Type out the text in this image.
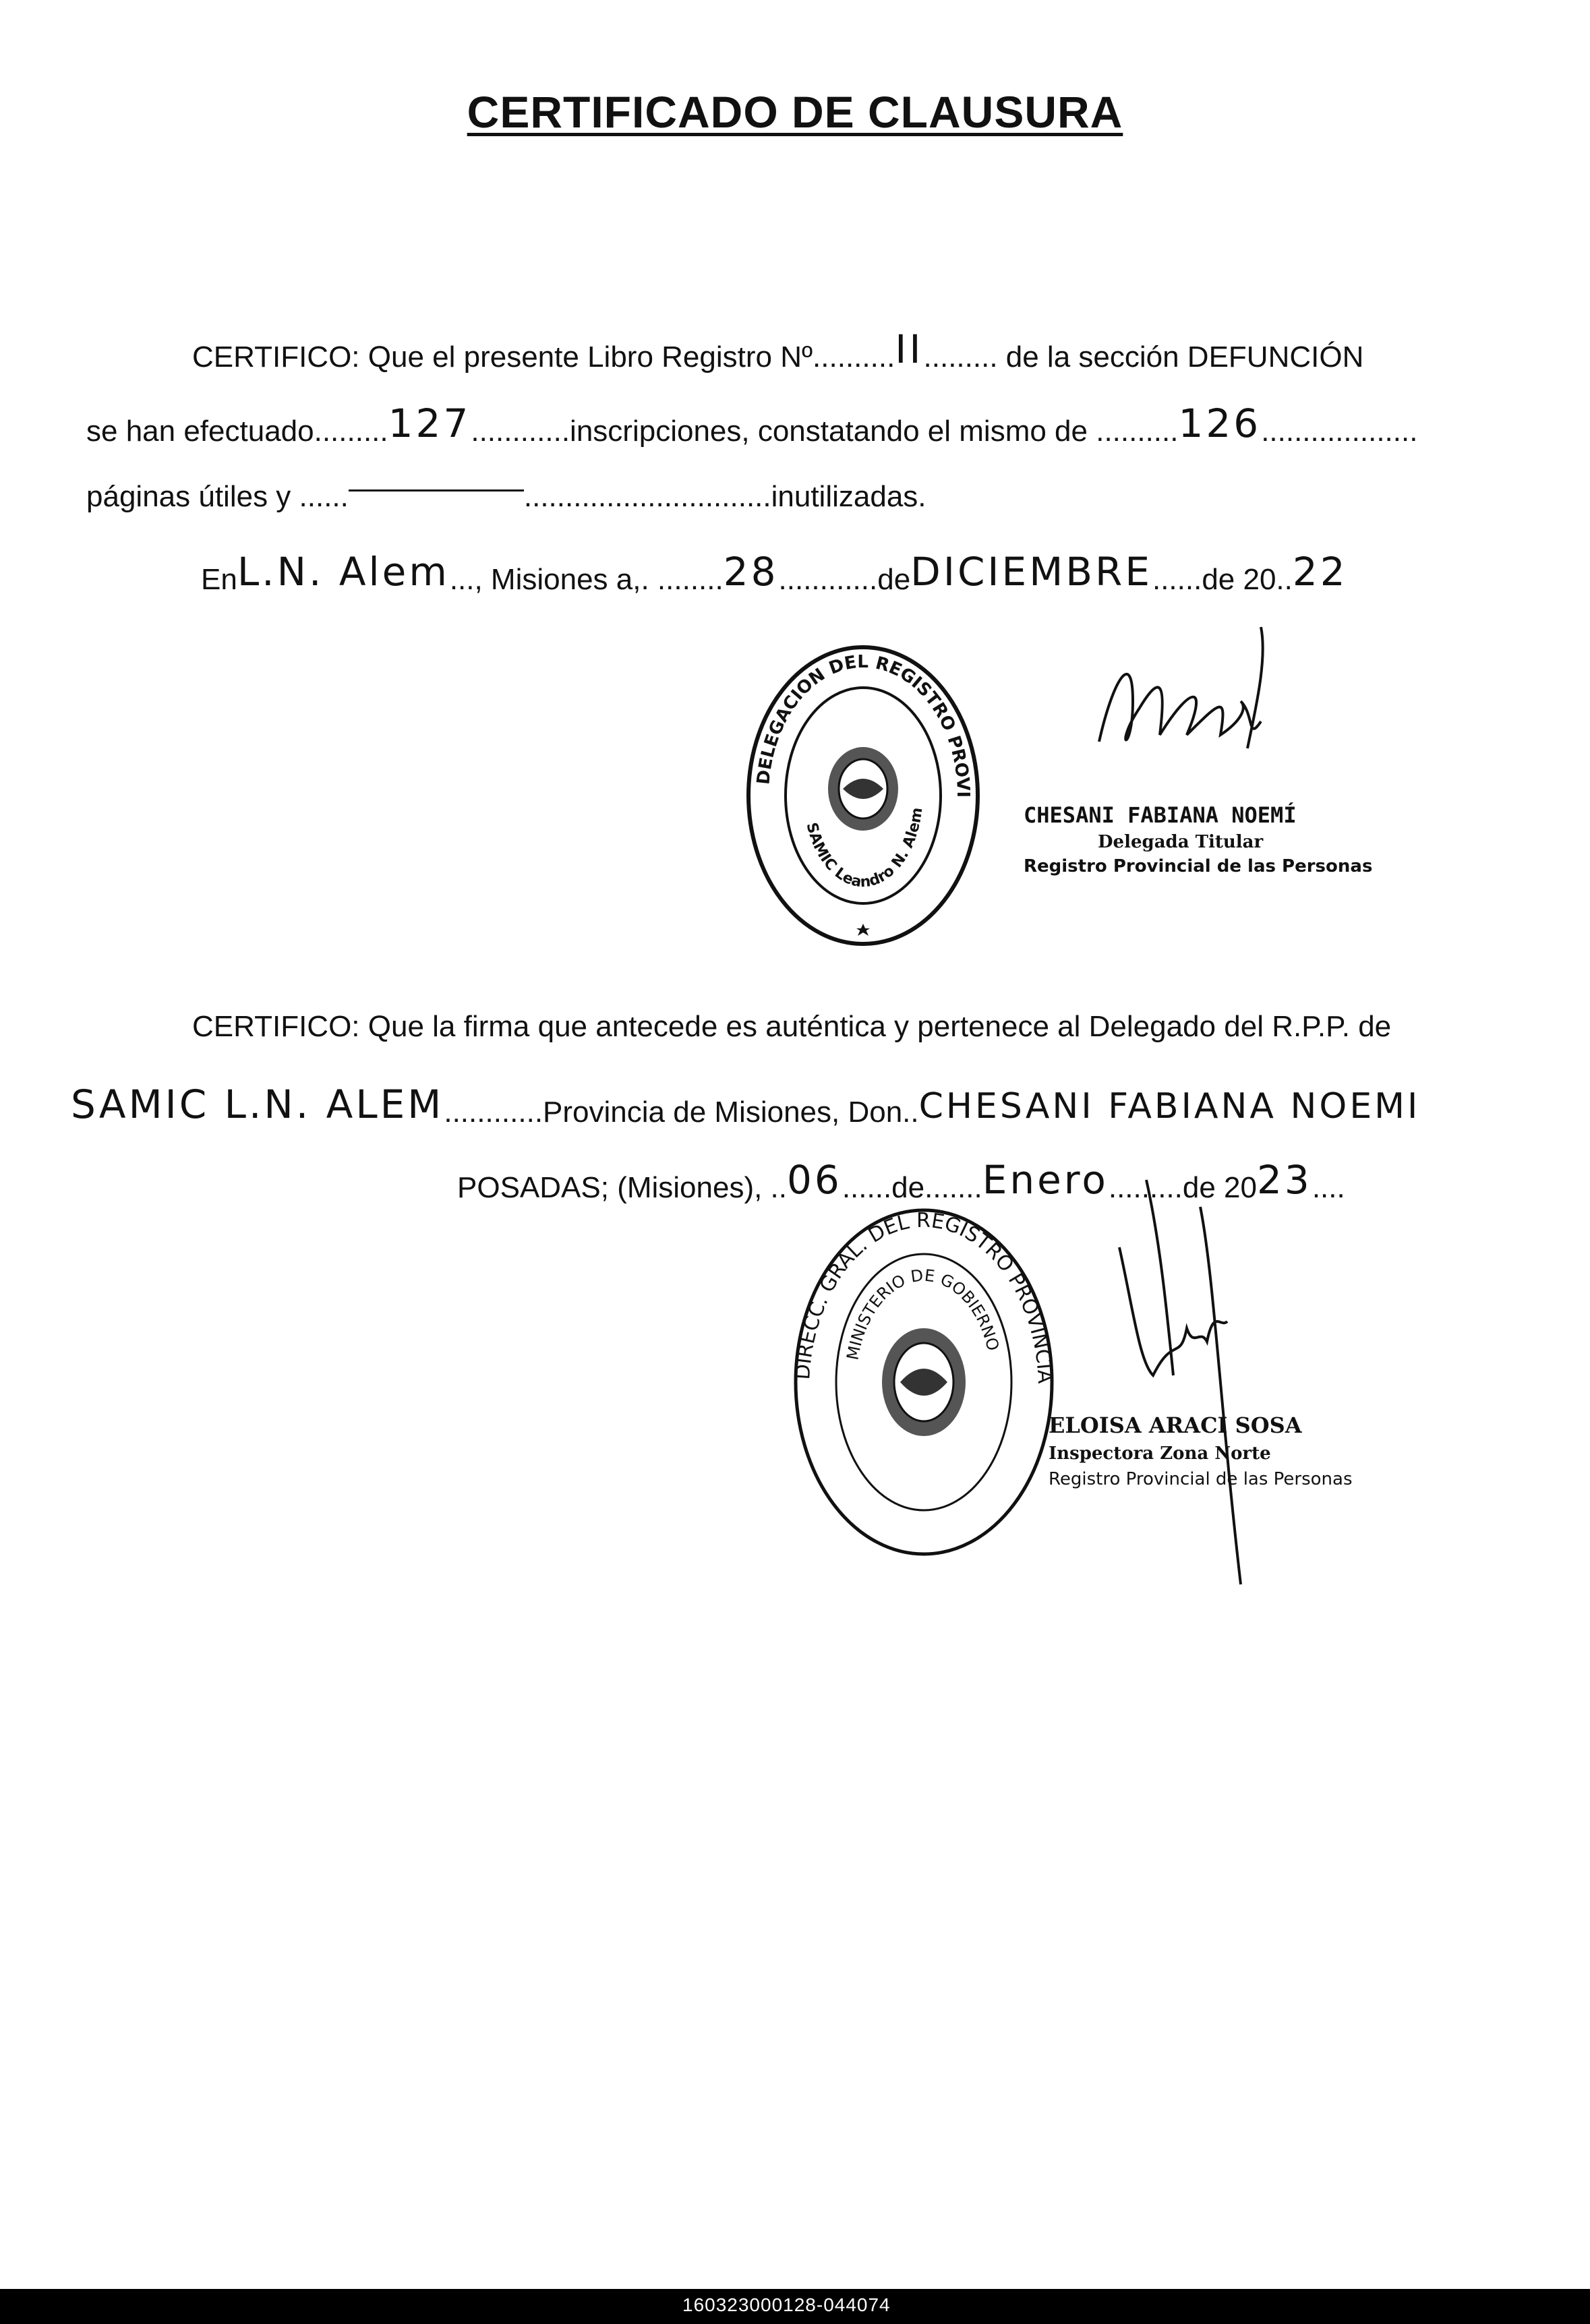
CERTIFICADO DE CLAUSURA
CERTIFICO: Que el presente Libro Registro Nº..........II......... de la sección DEFUNCIÓN
se han efectuado.........127............inscripciones, constatando el mismo de ..........126...................
páginas útiles y ......	..............................inutilizadas.
EnL.N. Alem..., Misiones a,. ........28............deDICIEMBRE......de 20..22
DELEGACION DEL REGISTRO PROVI
SAMIC Leandro N. Alem	CHESANI FABIANA NOEMÍ
Delegada Titular
Registro Provincial de las Personas
CERTIFICO: Que la firma que antecede es auténtica y pertenece al Delegado del R.P.P. de
SAMIC L.N. ALEM............Provincia de Misiones, Don..CHESANI FABIANA NOEMI
POSADAS; (Misiones), ..06......de.......Enero.........de 2023....
DIRECC. GRAL. DEL REGISTRO PROVINCIA
MINISTERIO DE GOBIERNO
ELOISA ARACI SOSA
Inspectora Zona Norte
Registro Provincial de las Personas
160323000128-044074
